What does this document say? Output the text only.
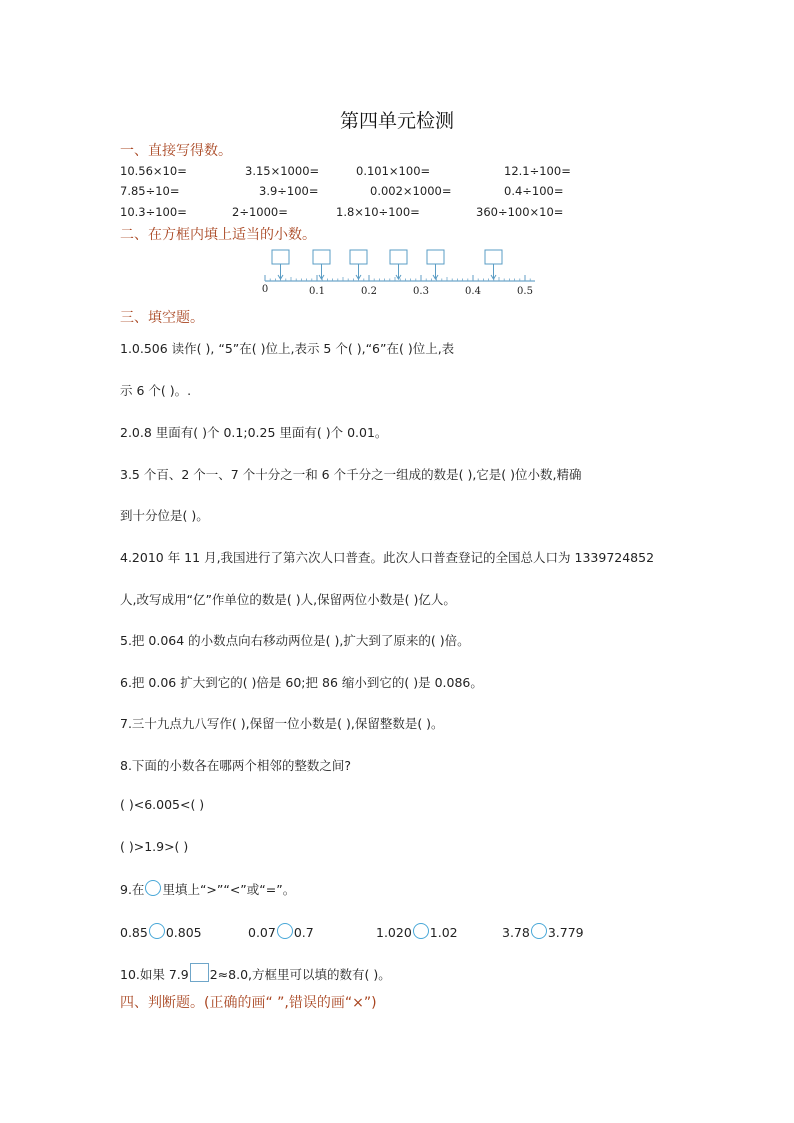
第四单元检测
一、直接写得数。
10.56×10=	3.15×1000=	0.101×100=	12.1÷100=
7.85÷10=	3.9÷100=	0.002×1000=	0.4÷100=
10.3÷100=	2÷1000=	1.8×10÷100=	360÷100×10=
二、在方框内填上适当的小数。
0	0.1	0.2	0.3	0.4	0.5
三、填空题。
1.0.506 读作( ), “5”在( )位上,表示 5 个( ),“6”在( )位上,表
示 6 个( )。.
2.0.8 里面有( )个 0.1;0.25 里面有( )个 0.01。
3.5 个百、2 个一、7 个十分之一和 6 个千分之一组成的数是( ),它是( )位小数,精确
到十分位是( )。
4.2010 年 11 月,我国进行了第六次人口普查。此次人口普查登记的全国总人口为 1339724852
人,改写成用“亿”作单位的数是( )人,保留两位小数是( )亿人。
5.把 0.064 的小数点向右移动两位是( ),扩大到了原来的( )倍。
6.把 0.06 扩大到它的( )倍是 60;把 86 缩小到它的( )是 0.086。
7.三十九点九八写作( ),保留一位小数是( ),保留整数是( )。
8.下面的小数各在哪两个相邻的整数之间?
( )<6.005<( )
( )>1.9>( )
9.在 里填上“>”“<”或“=”。
0.85 0.805	0.07 0.7	1.020 1.02	3.78 3.779
10.如果 7.9 2≈8.0,方框里可以填的数有( )。
四、判断题。(正确的画“ ”,错误的画“×”)
